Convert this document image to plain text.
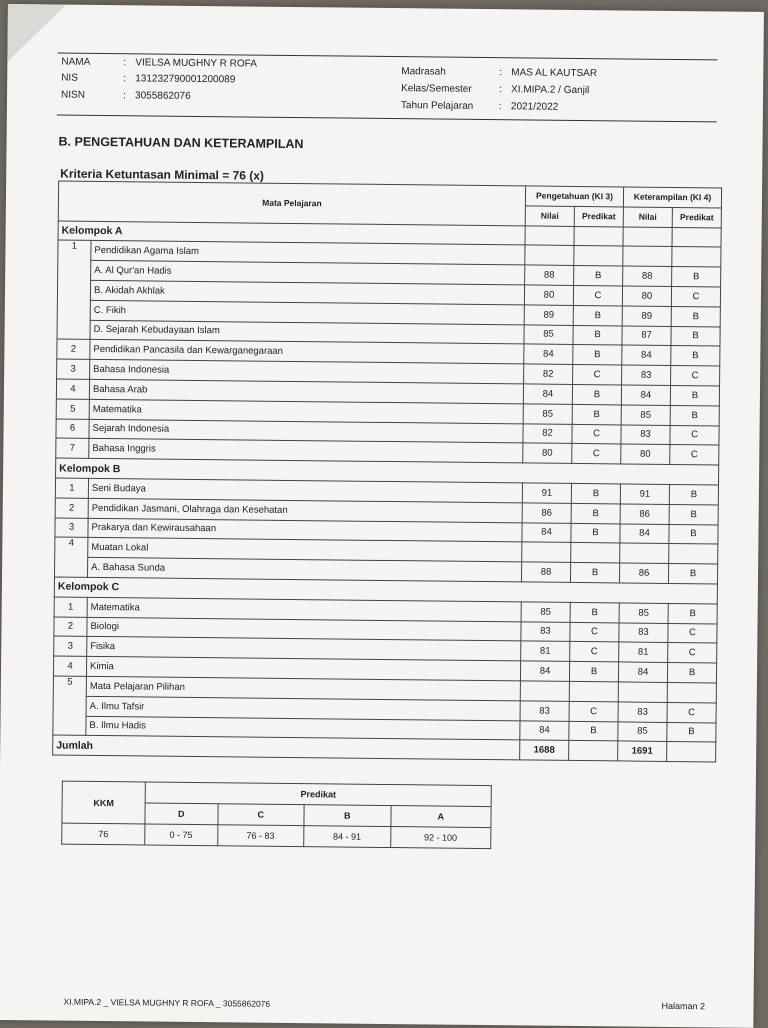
NAMA	: VIELSA MUGHNY R ROFA
NIS	: 131232790001200089
NISN	: 3055862076
Madrasah	: MAS AL KAUTSAR
Kelas/Semester	: XI.MIPA.2 / Ganjil
Tahun Pelajaran	: 2021/2022
B. PENGETAHUAN DAN KETERAMPILAN
Kriteria Ketuntasan Minimal = 76 (x)
Mata Pelajaran		Pengetahuan (KI 3)		Keterampilan (KI 4)	
		Nilai	Predikat	Nilai	Predikat
Kelompok A					
1	Pendidikan Agama Islam				
	A. Al Qur'an Hadis	88	B	88	B
	B. Akidah Akhlak	80	C	80	C
	C. Fikih	89	B	89	B
	D. Sejarah Kebudayaan Islam	85	B	87	B
2	Pendidikan Pancasila dan Kewarganegaraan	84	B	84	B
3	Bahasa Indonesia	82	C	83	C
4	Bahasa Arab	84	B	84	B
5	Matematika	85	B	85	B
6	Sejarah Indonesia	82	C	83	C
7	Bahasa Inggris	80	C	80	C
Kelompok B					
1	Seni Budaya	91	B	91	B
2	Pendidikan Jasmani, Olahraga dan Kesehatan	86	B	86	B
3	Prakarya dan Kewirausahaan	84	B	84	B
4	Muatan Lokal				
	A. Bahasa Sunda	88	B	86	B
Kelompok C					
1	Matematika	85	B	85	B
2	Biologi	83	C	83	C
3	Fisika	81	C	81	C
4	Kimia	84	B	84	B
5	Mata Pelajaran Pilihan				
	A. Ilmu Tafsir	83	C	83	C
	B. Ilmu Hadis	84	B	85	B
Jumlah		1688		1691	
KKM	Predikat			
	D	C	B	A
76	0 - 75	76 - 83	84 - 91	92 - 100
XI.MIPA.2 _ VIELSA MUGHNY R ROFA _ 3055862076	Halaman 2
